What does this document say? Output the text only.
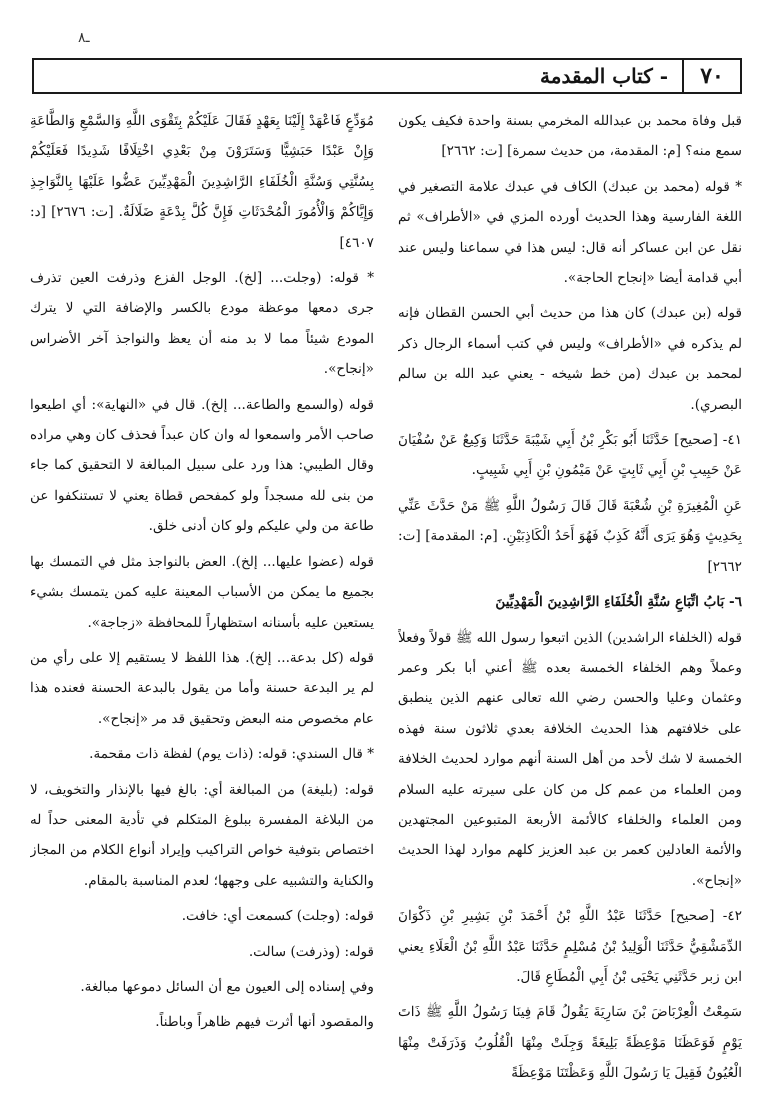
ـ٨
٧٠
- كتاب المقدمة

قبل وفاة محمد بن عبدالله المخرمي بسنة واحدة فكيف يكون سمع منه؟ [م: المقدمة، من حديث سمرة] [ت: ٢٦٦٢]

* قوله (محمد بن عبدك) الكاف في عبدك علامة التصغير في اللغة الفارسية وهذا الحديث أورده المزي في «الأطراف» ثم نقل عن ابن عساكر أنه قال: ليس هذا في سماعنا وليس عند أبي قدامة أيضا «إنجاح الحاجة».

قوله (بن عبدك) كان هذا من حديث أبي الحسن القطان فإنه لم يذكره في «الأطراف» وليس في كتب أسماء الرجال ذكر لمحمد بن عبدك (من خط شيخه - يعني عبد الله بن سالم البصري).

٤١- [صحيح] حَدَّثَنَا أَبُو بَكْرِ بْنُ أَبِي شَيْبَةَ حَدَّثَنَا وَكِيعٌ عَنْ سُفْيَانَ عَنْ حَبِيبِ بْنِ أَبِي ثَابِتٍ عَنْ مَيْمُونِ بْنِ أَبِي شَبِيبٍ.

عَنِ الْمُغِيرَةِ بْنِ شُعْبَةَ قَالَ قَالَ رَسُولُ اللَّهِ ﷺ مَنْ حَدَّثَ عَنِّي بِحَدِيثٍ وَهُوَ يَرَى أَنَّهُ كَذِبٌ فَهُوَ أَحَدُ الْكَاذِبَيْنِ. [م: المقدمة] [ت: ٢٦٦٢]

٦- بَابُ اتِّبَاعِ سُنَّةِ الْخُلَفَاءِ الرَّاشِدِينَ الْمَهْدِيِّينَ

قوله (الخلفاء الراشدين) الذين اتبعوا رسول الله ﷺ قولاً وفعلاً وعملاً وهم الخلفاء الخمسة بعده ﷺ أعني أبا بكر وعمر وعثمان وعليا والحسن رضي الله تعالى عنهم الذين ينطبق على خلافتهم هذا الحديث الخلافة بعدي ثلاثون سنة فهذه الخمسة لا شك لأحد من أهل السنة أنهم موارد لحديث الخلافة ومن العلماء من عمم كل من كان على سيرته عليه السلام ومن العلماء والخلفاء كالأئمة الأربعة المتبوعين المجتهدين والأئمة العادلين كعمر بن عبد العزيز كلهم موارد لهذا الحديث «إنجاح».

٤٢- [صحيح] حَدَّثَنَا عَبْدُ اللَّهِ بْنُ أَحْمَدَ بْنِ بَشِيرِ بْنِ ذَكْوَانَ الدِّمَشْقِيُّ حَدَّثَنَا الْوَلِيدُ بْنُ مُسْلِمٍ حَدَّثَنَا عَبْدُ اللَّهِ بْنُ الْعَلَاءِ يعني ابن زبر حَدَّثَنِي يَحْيَى بْنُ أَبِي الْمُطَاعِ قَالَ.

سَمِعْتُ الْعِرْبَاضَ بْنَ سَارِيَةَ يَقُولُ قَامَ فِينَا رَسُولُ اللَّهِ ﷺ ذَاتَ يَوْمٍ فَوَعَظَنَا مَوْعِظَةً بَلِيغَةً وَجِلَتْ مِنْهَا الْقُلُوبُ وَذَرَفَتْ مِنْهَا الْعُيُونُ فَقِيلَ يَا رَسُولَ اللَّهِ وَعَظْتَنَا مَوْعِظَةً

مُوَدِّعٍ فَاعْهَدْ إِلَيْنَا بِعَهْدٍ فَقَالَ عَلَيْكُمْ بِتَقْوَى اللَّهِ وَالسَّمْعِ وَالطَّاعَةِ وَإِنْ عَبْدًا حَبَشِيًّا وَسَتَرَوْنَ مِنْ بَعْدِي اخْتِلَافًا شَدِيدًا فَعَلَيْكُمْ بِسُنَّتِي وَسُنَّةِ الْخُلَفَاءِ الرَّاشِدِينَ الْمَهْدِيِّينَ عَضُّوا عَلَيْهَا بِالنَّوَاجِذِ وَإِيَّاكُمْ وَالْأُمُورَ الْمُحْدَثَاتِ فَإِنَّ كُلَّ بِدْعَةٍ ضَلَالَةٌ. [ت: ٢٦٧٦] [د: ٤٦٠٧]

* قوله: (وجلت... [لخ). الوجل الفزع وذرفت العين تذرف جرى دمعها موعظة مودع بالكسر والإضافة التي لا يترك المودع شيئاً مما لا بد منه أن يعظ والنواجذ آخر الأضراس «إنجاح».

قوله (والسمع والطاعة... إلخ). قال في «النهاية»: أي اطيعوا صاحب الأمر واسمعوا له وان كان عبداً فحذف كان وهي مراده وقال الطيبي: هذا ورد على سبيل المبالغة لا التحقيق كما جاء من بنى لله مسجداً ولو كمفحص قطاة يعني لا تستنكفوا عن طاعة من ولي عليكم ولو كان أدنى خلق.

قوله (عضوا عليها... إلخ). العض بالنواجذ مثل في التمسك بها بجميع ما يمكن من الأسباب المعينة عليه كمن يتمسك بشيء يستعين عليه بأسنانه استظهاراً للمحافظة «زجاجة».

قوله (كل بدعة... إلخ). هذا اللفظ لا يستقيم إلا على رأي من لم ير البدعة حسنة وأما من يقول بالبدعة الحسنة فعنده هذا عام مخصوص منه البعض وتحقيق قد مر «إنجاح».

* قال السندي: قوله: (ذات يوم) لفظة ذات مقحمة.

قوله: (بليغة) من المبالغة أي: بالغ فيها بالإنذار والتخويف، لا من البلاغة المفسرة ببلوغ المتكلم في تأدية المعنى حداً له اختصاص بتوفية خواص التراكيب وإيراد أنواع الكلام من المجاز والكناية والتشبيه على وجهها؛ لعدم المناسبة بالمقام.

قوله: (وجلت) كسمعت أي: خافت.

قوله: (وذرفت) سالت.

وفي إسناده إلى العيون مع أن السائل دموعها مبالغة.

والمقصود أنها أثرت فيهم ظاهراً وباطناً.
